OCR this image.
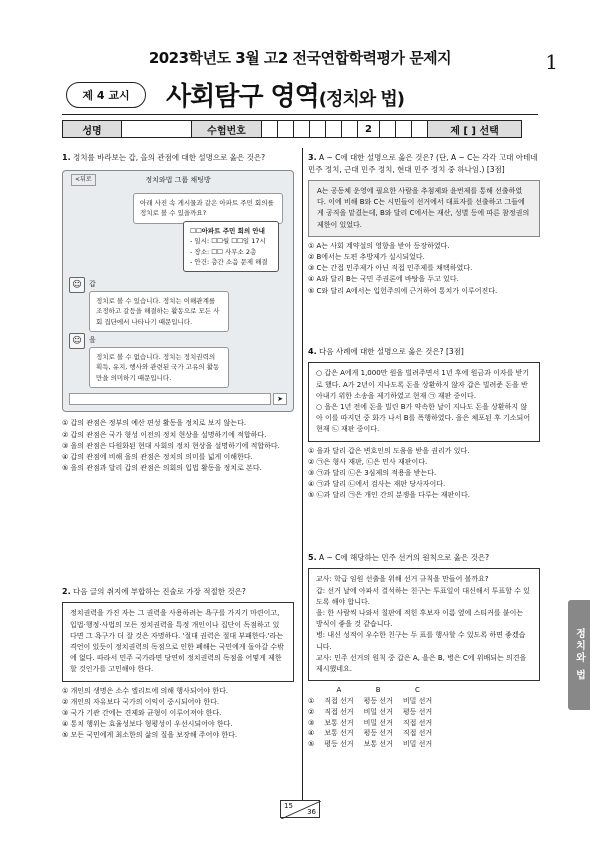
2023학년도 3월 고2 전국연합학력평가 문제지	1
제 4 교시	사회탐구 영역(정치와 법)
성명	수험번호	2	제 [ ] 선택
1. 정치를 바라보는 갑, 을의 관점에 대한 설명으로 옳은 것은?
<뒤로	정치와법 그룹 채팅방
아래 사진 속 게시물과 같은 아파트 주민 회의를 정치로 볼 수 있을까요?
☐☐아파트 주민 회의 안내
- 일시: ☐☐월 ☐☐일 17시
- 장소: ☐☐ 사무소 2층
- 안건: 층간 소음 문제 해결
☺	갑
정치로 볼 수 있습니다. 정치는 이해관계를 조정하고 갈등을 해결하는 활동으로 모든 사회 집단에서 나타나기 때문입니다.
☺	을
정치로 볼 수 없습니다. 정치는 정치권력의 획득, 유지, 행사와 관련된 국가 고유의 활동만을 의미하기 때문입니다.
➤
① 갑의 관점은 정부의 예산 편성 활동을 정치로 보지 않는다.
② 갑의 관점은 국가 형성 이전의 정치 현상을 설명하기에 적합하다.
③ 을의 관점은 다원화된 현대 사회의 정치 현상을 설명하기에 적합하다.
④ 갑의 관점에 비해 을의 관점은 정치의 의미를 넓게 이해한다.
⑤ 을의 관점과 달리 갑의 관점은 의회의 입법 활동을 정치로 본다.
2. 다음 글의 취지에 부합하는 진술로 가장 적절한 것은?
정치권력을 가진 자는 그 권력을 사용하려는 욕구를 가지기 마련이고, 입법·행정·사법의 모든 정치권력을 특정 개인이나 집단이 독점하고 있다면 그 욕구가 더 잘 것은 자명하다. '절대 권력은 절대 부패한다.'라는 격언이 있듯이 정치권력의 독점으로 인한 폐해는 국민에게 돌아갈 수밖에 없다. 따라서 민주 국가라면 당연히 정치권력의 독점을 어떻게 제한할 것인가를 고민해야 한다.
① 개인의 생명은 소수 엘리트에 의해 행사되어야 한다.
② 개인의 자유보다 국가의 이익이 중시되어야 한다.
③ 국가 기관 간에는 견제와 균형이 이루어져야 한다.
④ 통치 행위는 효율성보다 형평성이 우선시되어야 한다.
⑤ 모든 국민에게 최소한의 삶의 질을 보장해 주어야 한다.
3. A ~ C에 대한 설명으로 옳은 것은? (단, A ~ C는 각각 고대 아테네 민주 정치, 근대 민주 정치, 현대 민주 정치 중 하나임.) [3점]
A는 공동체 운영에 필요한 사람을 추첨제와 윤번제를 통해 선출하였다. 이에 비해 B와 C는 시민들이 선거에서 대표자를 선출하고 그들에게 공직을 맡겼는데, B와 달리 C에서는 재산, 성별 등에 따른 참정권의 제한이 있었다.
① A는 사회 계약설의 영향을 받아 등장하였다.
② B에서는 도편 추방제가 실시되었다.
③ C는 간접 민주제가 아닌 직접 민주제를 채택하였다.
④ A와 달리 B는 국민 주권론에 바탕을 두고 있다.
⑤ C와 달리 A에서는 입헌주의에 근거하여 통치가 이루어진다.
4. 다음 사례에 대한 설명으로 옳은 것은? [3점]
○ 갑은 A에게 1,000만 원을 빌려주면서 1년 후에 원금과 이자를 받기로 했다. A가 2년이 지나도록 돈을 상환하지 않자 갑은 빌려준 돈을 반아내기 위한 소송을 제기하였고 현재 ㉠ 재판 중이다.
○ 을은 1년 전에 돈을 빌린 B가 약속한 날이 지나도 돈을 상환하지 않아 이를 따지던 중 화가 나서 B를 폭행하였다. 을은 체포된 후 기소되어 현재 ㉡ 재판 중이다.
① 을과 달리 갑은 변호인의 도움을 받을 권리가 있다.
② ㉠은 형사 재판, ㉡은 민사 재판이다.
③ ㉠과 달리 ㉡은 3심제의 적용을 받는다.
④ ㉠과 달리 ㉡에서 검사는 재판 당사자이다.
⑤ ㉡과 달리 ㉠은 개인 간의 분쟁을 다루는 재판이다.
5. A ~ C에 해당하는 민주 선거의 원칙으로 옳은 것은?
교사: 학급 임원 선출을 위해 선거 규칙을 만들어 볼까요?
갑: 선거 날에 아파서 결석하는 친구는 투표일이 대신해서 투표할 수 있도록 해야 합니다.
을: 한 사람씩 나와서 칠판에 적힌 후보자 이름 옆에 스티커를 붙이는 방식이 좋을 것 같습니다.
병: 내신 성적이 우수한 친구는 두 표를 행사할 수 있도록 하면 좋겠습니다.
교사: 민주 선거의 원칙 중 갑은 A, 을은 B, 병은 C에 위배되는 의견을 제시했네요.
	A	B	C
①	직접 선거	평등 선거	비밀 선거
②	직접 선거	비밀 선거	평등 선거
③	보통 선거	비밀 선거	직접 선거
④	보통 선거	평등 선거	직접 선거
⑤	평등 선거	보통 선거	비밀 선거
정치와 법
15
36
